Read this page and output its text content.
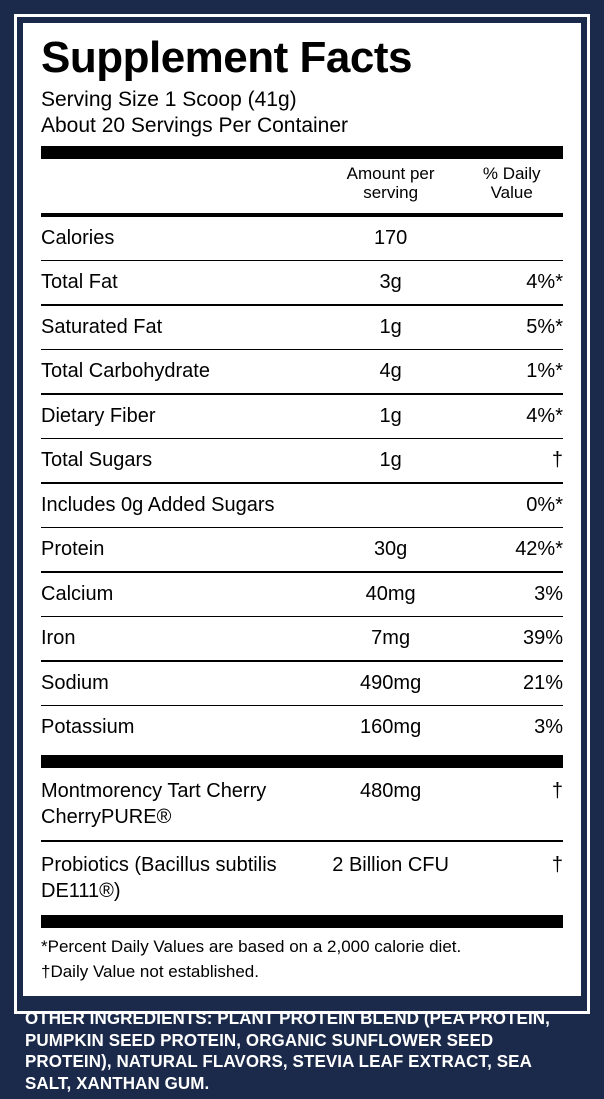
Supplement Facts
Serving Size 1 Scoop (41g)
About 20 Servings Per Container
	Amount per serving	% Daily Value

Calories	170	

Total Fat	3g	4%*

Saturated Fat	1g	5%*

Total Carbohydrate	4g	1%*

Dietary Fiber	1g	4%*

Total Sugars	1g	†

Includes 0g Added Sugars		0%*

Protein	30g	42%*

Calcium	40mg	3%

Iron	7mg	39%

Sodium	490mg	21%

Potassium	160mg	3%

Montmorency Tart Cherry CherryPURE®	480mg	†

Probiotics (Bacillus subtilis DE111®)	2 Billion CFU	†
*Percent Daily Values are based on a 2,000 calorie diet.
†Daily Value not established.
OTHER INGREDIENTS: PLANT PROTEIN BLEND (PEA PROTEIN, PUMPKIN SEED PROTEIN, ORGANIC SUNFLOWER SEED PROTEIN), NATURAL FLAVORS, STEVIA LEAF EXTRACT, SEA SALT, XANTHAN GUM.
